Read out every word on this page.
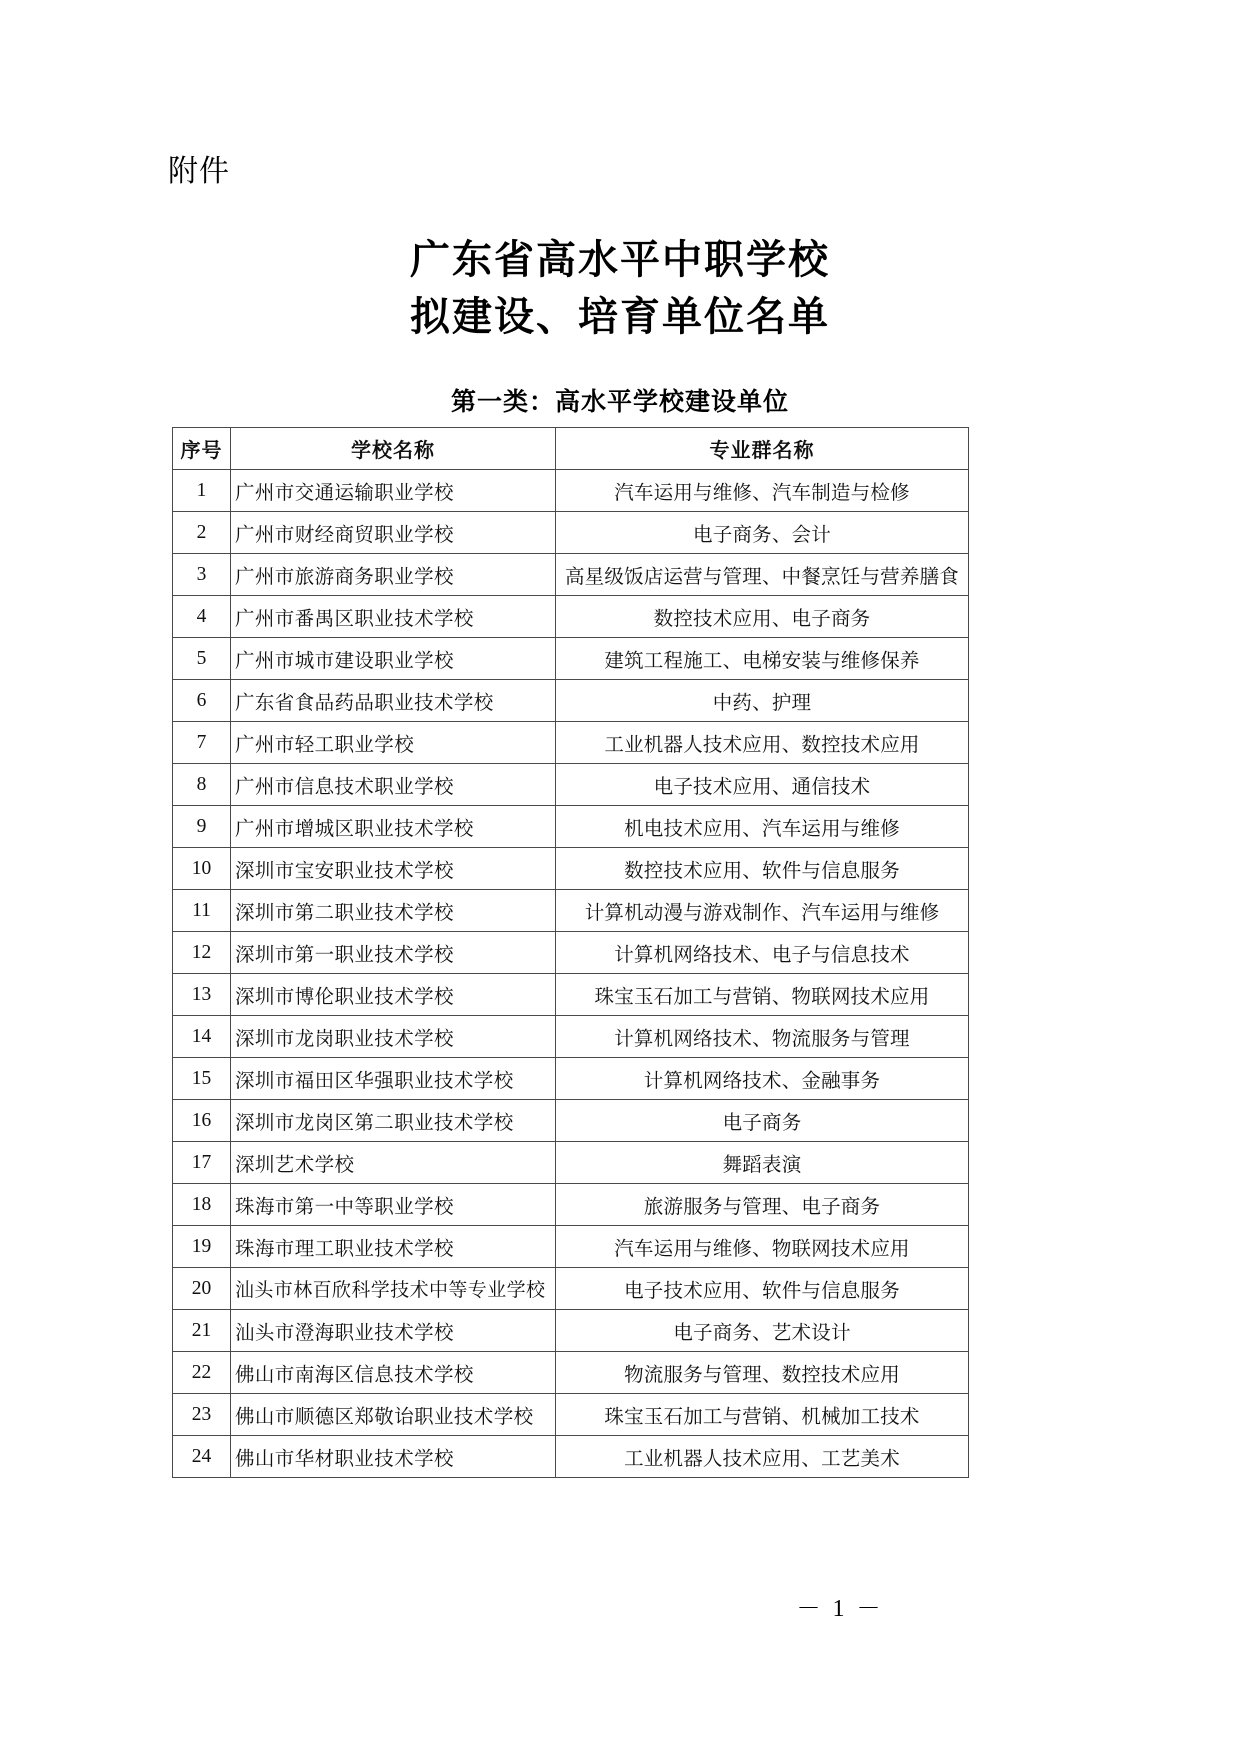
附件
广东省高水平中职学校
拟建设、培育单位名单
第一类：高水平学校建设单位
序号	学校名称	专业群名称
1	广州市交通运输职业学校	汽车运用与维修、汽车制造与检修
2	广州市财经商贸职业学校	电子商务、会计
3	广州市旅游商务职业学校	高星级饭店运营与管理、中餐烹饪与营养膳食
4	广州市番禺区职业技术学校	数控技术应用、电子商务
5	广州市城市建设职业学校	建筑工程施工、电梯安装与维修保养
6	广东省食品药品职业技术学校	中药、护理
7	广州市轻工职业学校	工业机器人技术应用、数控技术应用
8	广州市信息技术职业学校	电子技术应用、通信技术
9	广州市增城区职业技术学校	机电技术应用、汽车运用与维修
10	深圳市宝安职业技术学校	数控技术应用、软件与信息服务
11	深圳市第二职业技术学校	计算机动漫与游戏制作、汽车运用与维修
12	深圳市第一职业技术学校	计算机网络技术、电子与信息技术
13	深圳市博伦职业技术学校	珠宝玉石加工与营销、物联网技术应用
14	深圳市龙岗职业技术学校	计算机网络技术、物流服务与管理
15	深圳市福田区华强职业技术学校	计算机网络技术、金融事务
16	深圳市龙岗区第二职业技术学校	电子商务
17	深圳艺术学校	舞蹈表演
18	珠海市第一中等职业学校	旅游服务与管理、电子商务
19	珠海市理工职业技术学校	汽车运用与维修、物联网技术应用
20	汕头市林百欣科学技术中等专业学校	电子技术应用、软件与信息服务
21	汕头市澄海职业技术学校	电子商务、艺术设计
22	佛山市南海区信息技术学校	物流服务与管理、数控技术应用
23	佛山市顺德区郑敬诒职业技术学校	珠宝玉石加工与营销、机械加工技术
24	佛山市华材职业技术学校	工业机器人技术应用、工艺美术
－ 1 －
